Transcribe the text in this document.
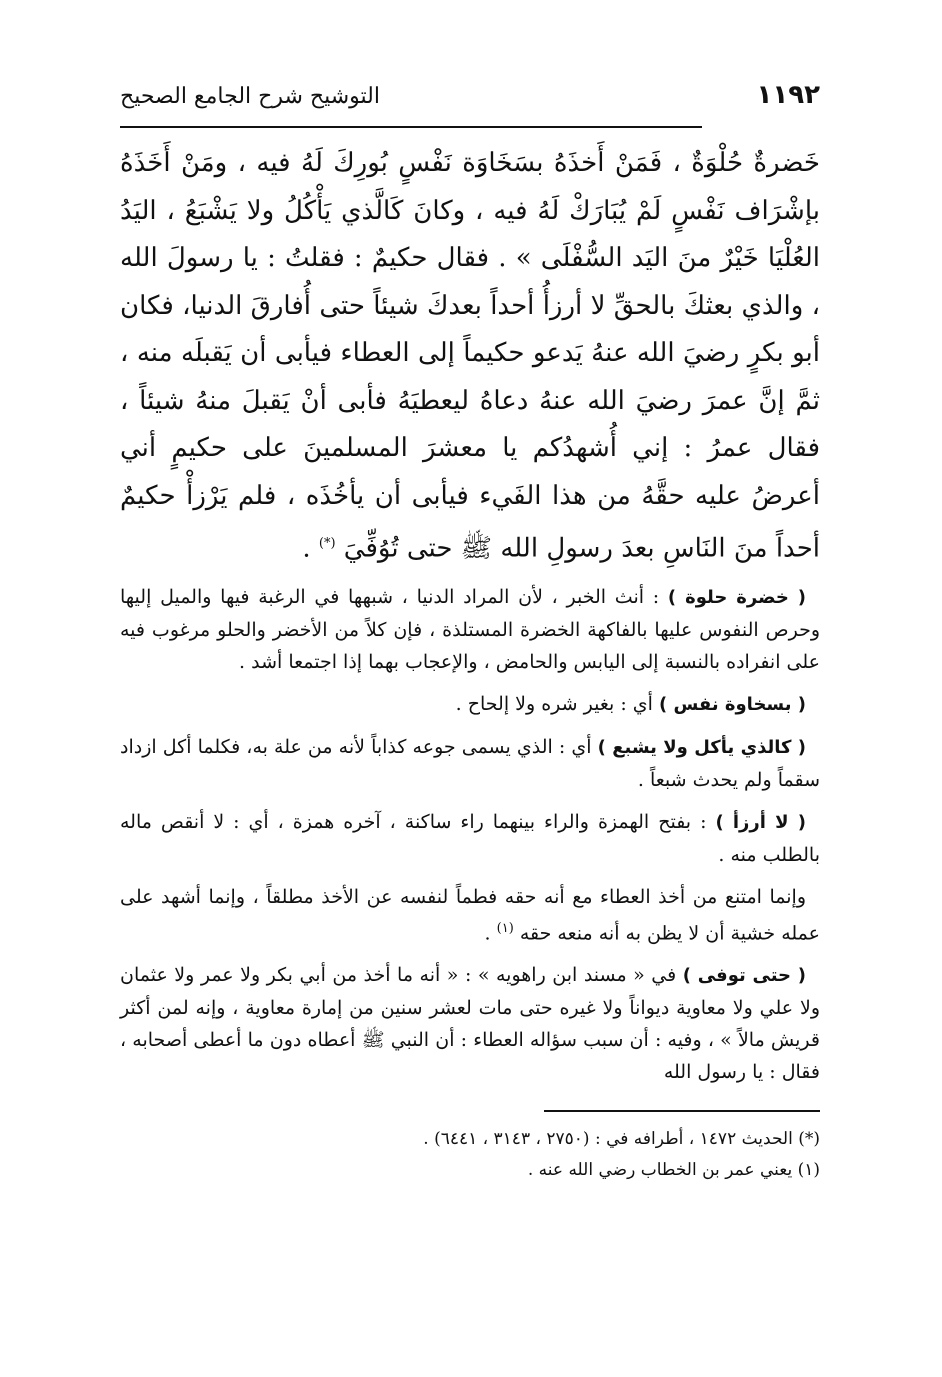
١١٩٢
التوشيح شرح الجامع الصحيح
خَضرةٌ حُلْوَةٌ ، فَمَنْ أَخذَهُ بسَخَاوَة نَفْسٍ بُورِكَ لَهُ فيه ، ومَنْ أَخَذَهُ بإشْرَاف نَفْسٍ لَمْ يُبَارَكْ لَهُ فيه ، وكانَ كَالَّذي يَأْكُلُ ولا يَشْبَعُ ، اليَدُ العُلْيَا خَيْرٌ منَ اليَد السُّفْلَى » . فقال حكيمٌ : فقلتُ : يا رسولَ الله ، والذي بعثكَ بالحقِّ لا أرزأُ أحداً بعدكَ شيئاً حتى أُفارقَ الدنيا، فكان أبو بكرٍ رضيَ الله عنهُ يَدعو حكيماً إلى العطاء فيأبى أن يَقبلَه منه ، ثمَّ إنَّ عمرَ رضيَ الله عنهُ دعاهُ ليعطيَهُ فأبى أنْ يَقبلَ منهُ شيئاً ، فقال عمرُ : إني أُشهدُكم يا معشرَ المسلمينَ على حكيمٍ أني أعرضُ عليه حقَّهُ من هذا الفَيء فيأبى أن يأخُذَه ، فلم يَرْزأْ حكيمٌ أحداً منَ النَاسِ بعدَ رسولِ الله ﷺ حتى تُوُفِّيَ (*) .

( خضرة حلوة ) : أنث الخبر ، لأن المراد الدنيا ، شبهها في الرغبة فيها والميل إليها وحرص النفوس عليها بالفاكهة الخضرة المستلذة ، فإن كلاً من الأخضر والحلو مرغوب فيه على انفراده بالنسبة إلى اليابس والحامض ، والإعجاب بهما إذا اجتمعا أشد .

( بسخاوة نفس ) أي : بغير شره ولا إلحاح .

( كالذي يأكل ولا يشبع ) أي : الذي يسمى جوعه كذاباً لأنه من علة به، فكلما أكل ازداد سقماً ولم يحدث شبعاً .

( لا أرزأ ) : بفتح الهمزة والراء بينهما راء ساكنة ، آخره همزة ، أي : لا أنقص ماله بالطلب منه .

وإنما امتنع من أخذ العطاء مع أنه حقه فطماً لنفسه عن الأخذ مطلقاً ، وإنما أشهد على عمله خشية أن لا يظن به أنه منعه حقه $^{(١)}$ .

( حتى توفى ) في « مسند ابن راهويه » : « أنه ما أخذ من أبي بكر ولا عمر ولا عثمان ولا علي ولا معاوية ديواناً ولا غيره حتى مات لعشر سنين من إمارة معاوية ، وإنه لمن أكثر قريش مالاً » ، وفيه : أن سبب سؤاله العطاء : أن النبي ﷺ أعطاه دون ما أعطى أصحابه ، فقال : يا رسول الله

(*) الحديث ١٤٧٢ ، أطرافه في : (٢٧٥٠ ، ٣١٤٣ ، ٦٤٤١) .
(١) يعني عمر بن الخطاب رضي الله عنه .
